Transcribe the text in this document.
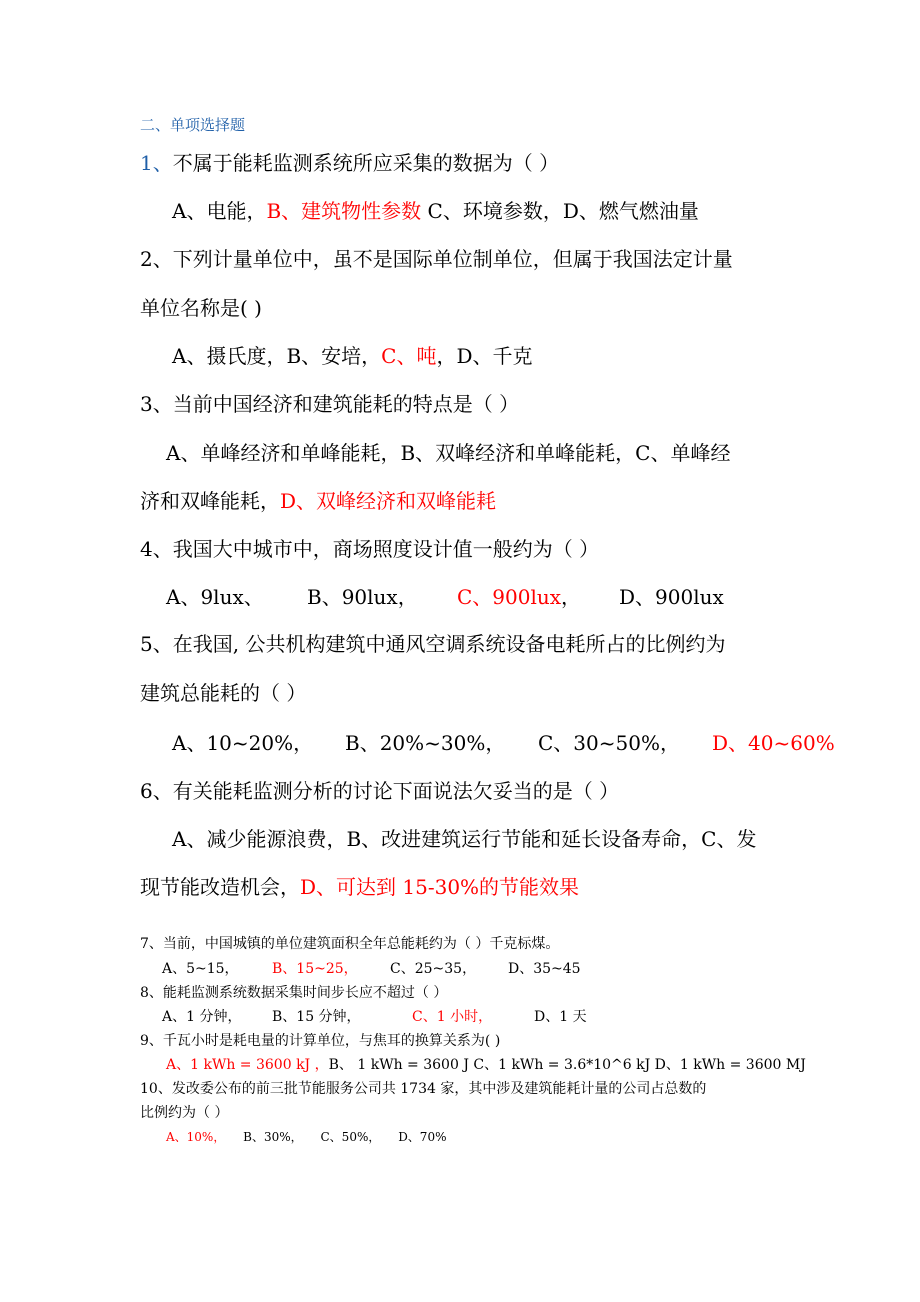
二、单项选择题
1、不属于能耗监测系统所应采集的数据为（ ）
A、电能，B、建筑物性参数 C、环境参数，D、燃气燃油量
2、下列计量单位中，虽不是国际单位制单位，但属于我国法定计量
单位名称是( )
A、摄氏度，B、安培，C、吨，D、千克
3、当前中国经济和建筑能耗的特点是（ ）
A、单峰经济和单峰能耗，B、双峰经济和单峰能耗，C、单峰经
济和双峰能耗，D、双峰经济和双峰能耗
4、我国大中城市中，商场照度设计值一般约为（ ）
A、9lux、 B、90lux， C、900lux， D、900lux
5、在我国, 公共机构建筑中通风空调系统设备电耗所占的比例约为
建筑总能耗的（ ）
A、10~20%， B、20%~30%， C、30~50%， D、40~60%
6、有关能耗监测分析的讨论下面说法欠妥当的是（ ）
A、减少能源浪费，B、改进建筑运行节能和延长设备寿命，C、发
现节能改造机会，D、可达到 15-30%的节能效果
7、当前，中国城镇的单位建筑面积全年总能耗约为（ ）千克标煤。
A、5~15， B、15~25， C、25~35， D、35~45
8、能耗监测系统数据采集时间步长应不超过（ ）
A、1 分钟， B、15 分钟，	C、1 小时，	D、1 天
9、千瓦小时是耗电量的计算单位，与焦耳的换算关系为( )
A、1 kWh = 3600 kJ ，B、 1 kWh = 3600 J C、1 kWh = 3.6*10^6 kJ D、1 kWh = 3600 MJ
10、发改委公布的前三批节能服务公司共 1734 家，其中涉及建筑能耗计量的公司占总数的
比例约为（ ）
A、10%， B、30%， C、50%， D、70%
